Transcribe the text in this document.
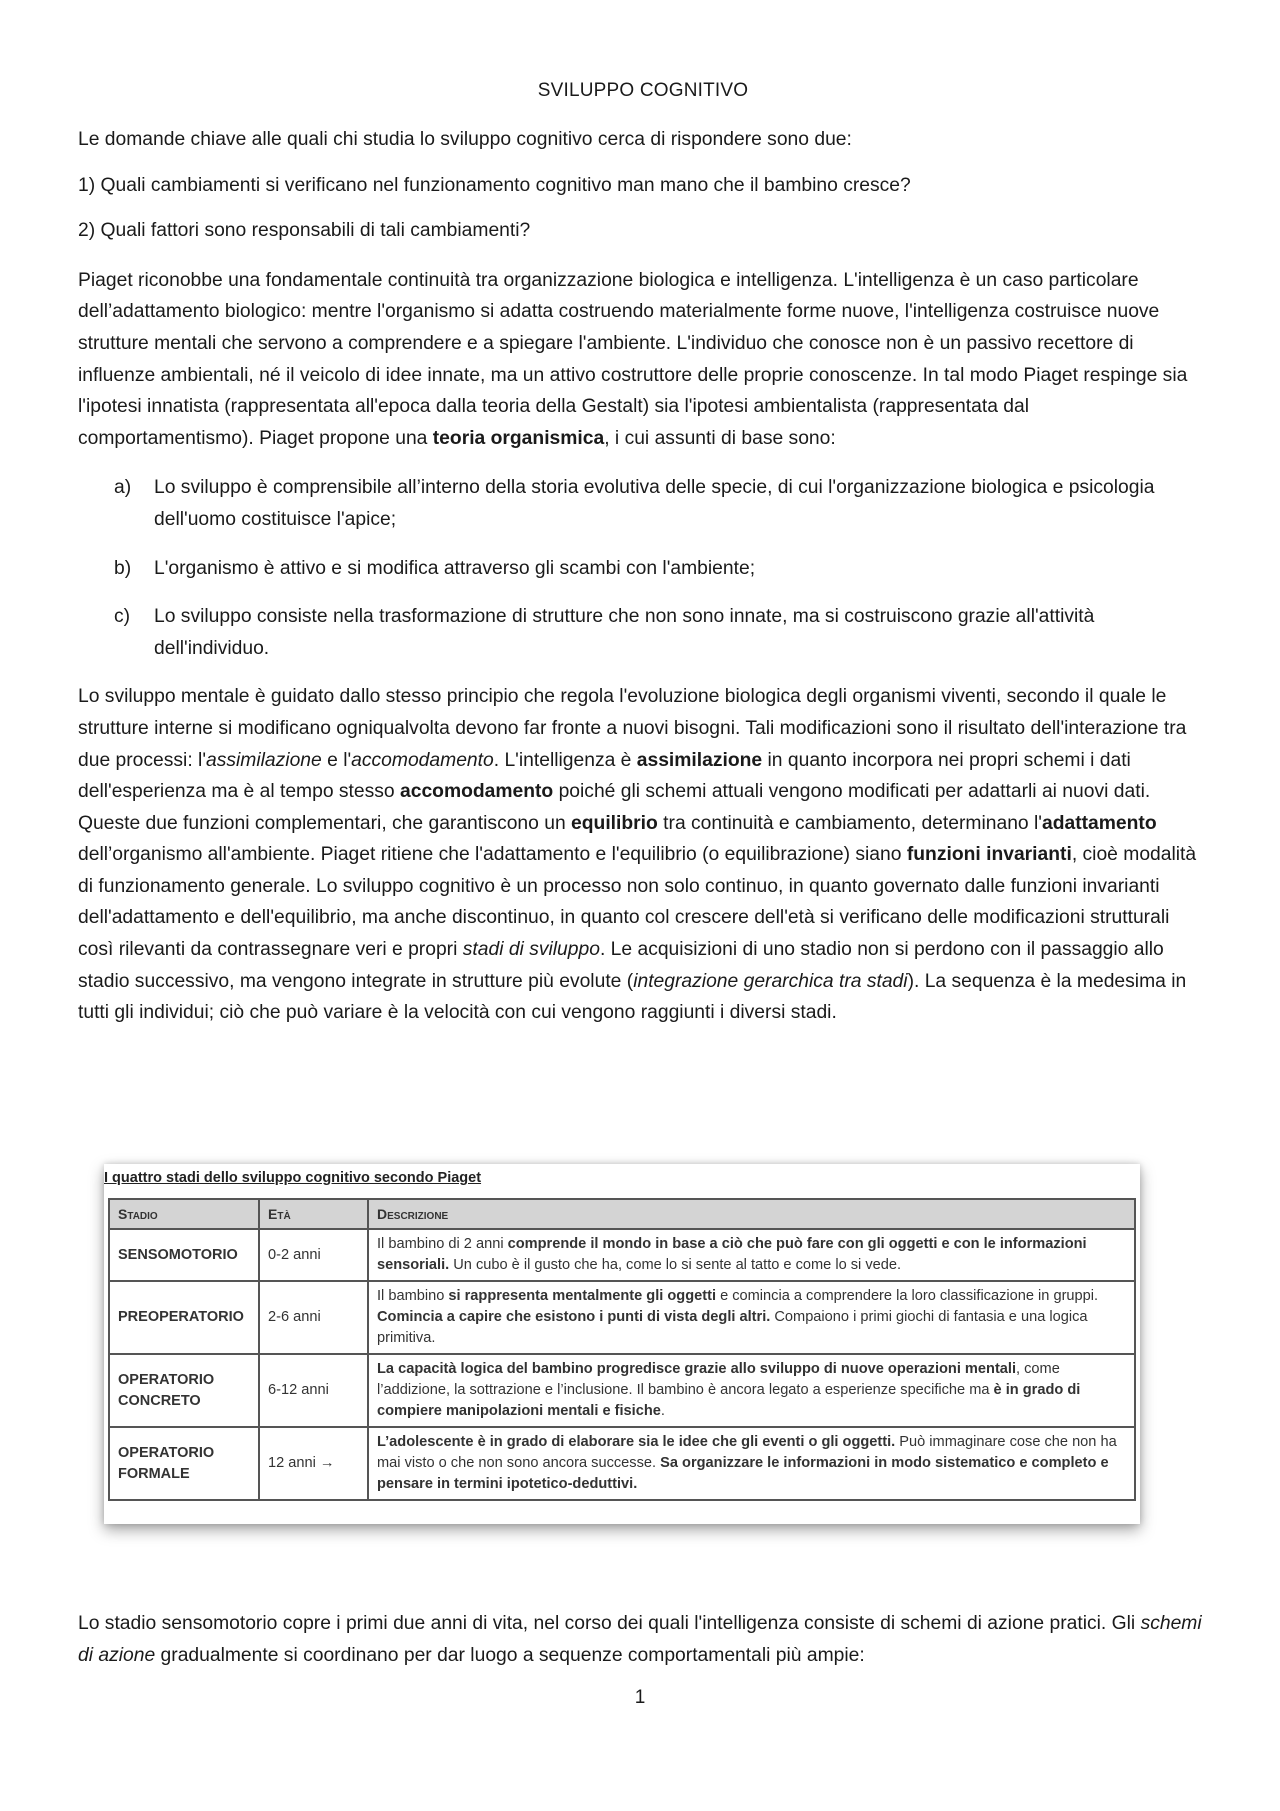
SVILUPPO COGNITIVO

Le domande chiave alle quali chi studia lo sviluppo cognitivo cerca di rispondere sono due:

1) Quali cambiamenti si verificano nel funzionamento cognitivo man mano che il bambino cresce?

2) Quali fattori sono responsabili di tali cambiamenti?

Piaget riconobbe una fondamentale continuità tra organizzazione biologica e intelligenza. L'intelligenza è un caso particolare dell’adattamento biologico: mentre l'organismo si adatta costruendo materialmente forme nuove, l'intelligenza costruisce nuove strutture mentali che servono a comprendere e a spiegare l'ambiente. L'individuo che conosce non è un passivo recettore di influenze ambientali, né il veicolo di idee innate, ma un attivo costruttore delle proprie conoscenze. In tal modo Piaget respinge sia l'ipotesi innatista (rappresentata all'epoca dalla teoria della Gestalt) sia l'ipotesi ambientalista (rappresentata dal comportamentismo). Piaget propone una teoria organismica, i cui assunti di base sono:

a)	Lo sviluppo è comprensibile all’interno della storia evolutiva delle specie, di cui l'organizzazione biologica e psicologia dell'uomo costituisce l'apice;
b)	L'organismo è attivo e si modifica attraverso gli scambi con l'ambiente;
c)	Lo sviluppo consiste nella trasformazione di strutture che non sono innate, ma si costruiscono grazie all'attività dell'individuo.

Lo sviluppo mentale è guidato dallo stesso principio che regola l'evoluzione biologica degli organismi viventi, secondo il quale le strutture interne si modificano ogniqualvolta devono far fronte a nuovi bisogni. Tali modificazioni sono il risultato dell'interazione tra due processi: l'assimilazione e l'accomodamento. L'intelligenza è assimilazione in quanto incorpora nei propri schemi i dati dell'esperienza ma è al tempo stesso accomodamento poiché gli schemi attuali vengono modificati per adattarli ai nuovi dati. Queste due funzioni complementari, che garantiscono un equilibrio tra continuità e cambiamento, determinano l'adattamento dell’organismo all'ambiente. Piaget ritiene che l'adattamento e l'equilibrio (o equilibrazione) siano funzioni invarianti, cioè modalità di funzionamento generale. Lo sviluppo cognitivo è un processo non solo continuo, in quanto governato dalle funzioni invarianti dell'adattamento e dell'equilibrio, ma anche discontinuo, in quanto col crescere dell'età si verificano delle modificazioni strutturali così rilevanti da contrassegnare veri e propri stadi di sviluppo. Le acquisizioni di uno stadio non si perdono con il passaggio allo stadio successivo, ma vengono integrate in strutture più evolute (integrazione gerarchica tra stadi). La sequenza è la medesima in tutti gli individui; ciò che può variare è la velocità con cui vengono raggiunti i diversi stadi.

I quattro stadi dello sviluppo cognitivo secondo Piaget
Stadio	Età	Descrizione
SENSOMOTORIO	0-2 anni	Il bambino di 2 anni comprende il mondo in base a ciò che può fare con gli oggetti e con le informazioni sensoriali. Un cubo è il gusto che ha, come lo si sente al tatto e come lo si vede.
PREOPERATORIO	2-6 anni	Il bambino si rappresenta mentalmente gli oggetti e comincia a comprendere la loro classificazione in gruppi. Comincia a capire che esistono i punti di vista degli altri. Compaiono i primi giochi di fantasia e una logica primitiva.
OPERATORIO CONCRETO	6-12 anni	La capacità logica del bambino progredisce grazie allo sviluppo di nuove operazioni mentali, come l’addizione, la sottrazione e l’inclusione. Il bambino è ancora legato a esperienze specifiche ma è in grado di compiere manipolazioni mentali e fisiche.
OPERATORIO FORMALE	12 anni →	L’adolescente è in grado di elaborare sia le idee che gli eventi o gli oggetti. Può immaginare cose che non ha mai visto o che non sono ancora successe. Sa organizzare le informazioni in modo sistematico e completo e pensare in termini ipotetico-deduttivi.

Lo stadio sensomotorio copre i primi due anni di vita, nel corso dei quali l'intelligenza consiste di schemi di azione pratici. Gli schemi di azione gradualmente si coordinano per dar luogo a sequenze comportamentali più ampie:

1
